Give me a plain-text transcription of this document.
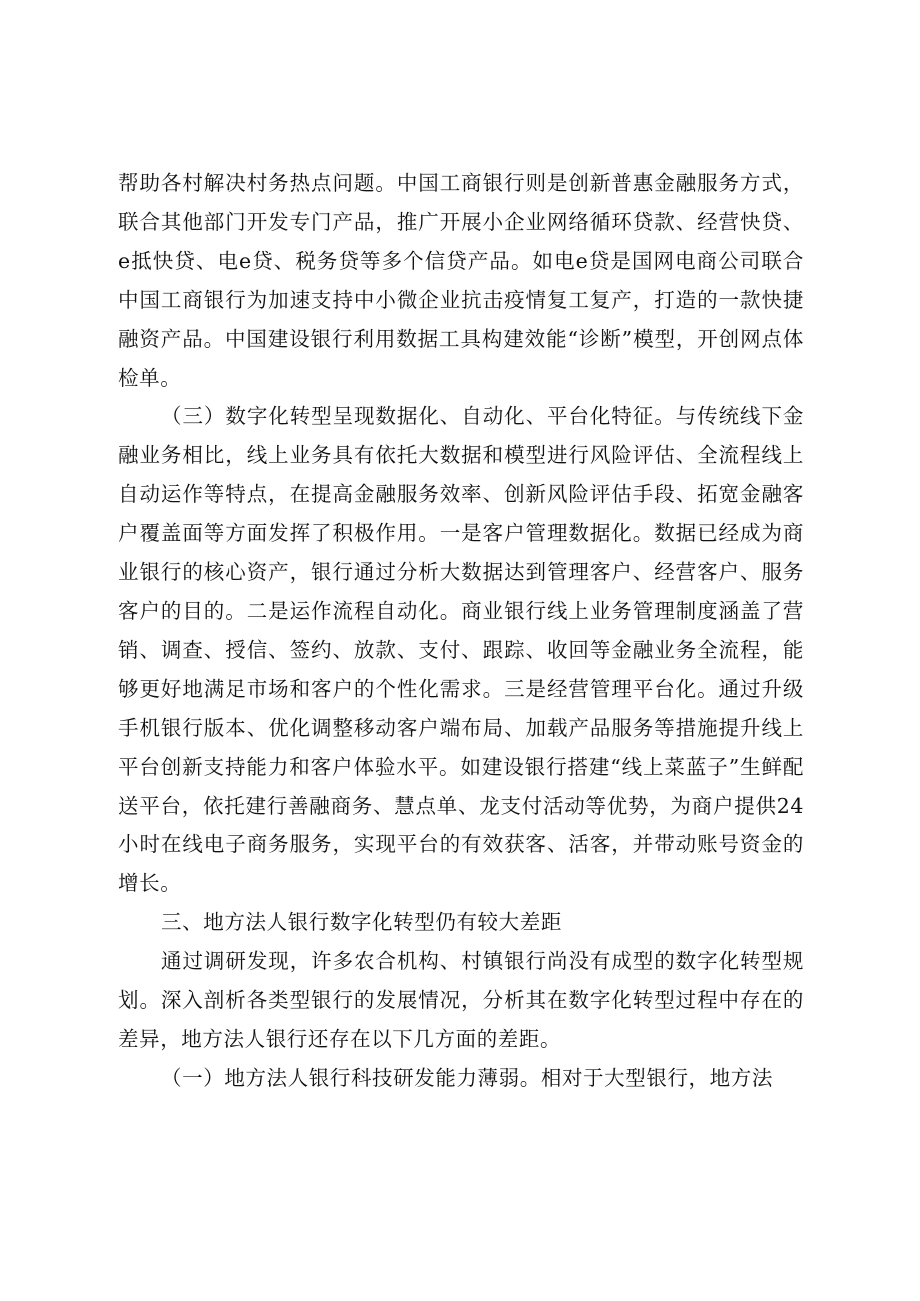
帮助各村解决村务热点问题。中国工商银行则是创新普惠金融服务方式，联合其他部门开发专门产品，推广开展小企业网络循环贷款、经营快贷、e抵快贷、电e贷、税务贷等多个信贷产品。如电e贷是国网电商公司联合中国工商银行为加速支持中小微企业抗击疫情复工复产，打造的一款快捷融资产品。中国建设银行利用数据工具构建效能“诊断”模型，开创网点体检单。

（三）数字化转型呈现数据化、自动化、平台化特征。与传统线下金融业务相比，线上业务具有依托大数据和模型进行风险评估、全流程线上自动运作等特点，在提高金融服务效率、创新风险评估手段、拓宽金融客户覆盖面等方面发挥了积极作用。一是客户管理数据化。数据已经成为商业银行的核心资产，银行通过分析大数据达到管理客户、经营客户、服务客户的目的。二是运作流程自动化。商业银行线上业务管理制度涵盖了营销、调查、授信、签约、放款、支付、跟踪、收回等金融业务全流程，能够更好地满足市场和客户的个性化需求。三是经营管理平台化。通过升级手机银行版本、优化调整移动客户端布局、加载产品服务等措施提升线上平台创新支持能力和客户体验水平。如建设银行搭建“线上菜蓝子”生鲜配送平台，依托建行善融商务、慧点单、龙支付活动等优势，为商户提供24小时在线电子商务服务，实现平台的有效获客、活客，并带动账号资金的增长。

三、地方法人银行数字化转型仍有较大差距

通过调研发现，许多农合机构、村镇银行尚没有成型的数字化转型规划。深入剖析各类型银行的发展情况，分析其在数字化转型过程中存在的差异，地方法人银行还存在以下几方面的差距。

（一）地方法人银行科技研发能力薄弱。相对于大型银行，地方法
